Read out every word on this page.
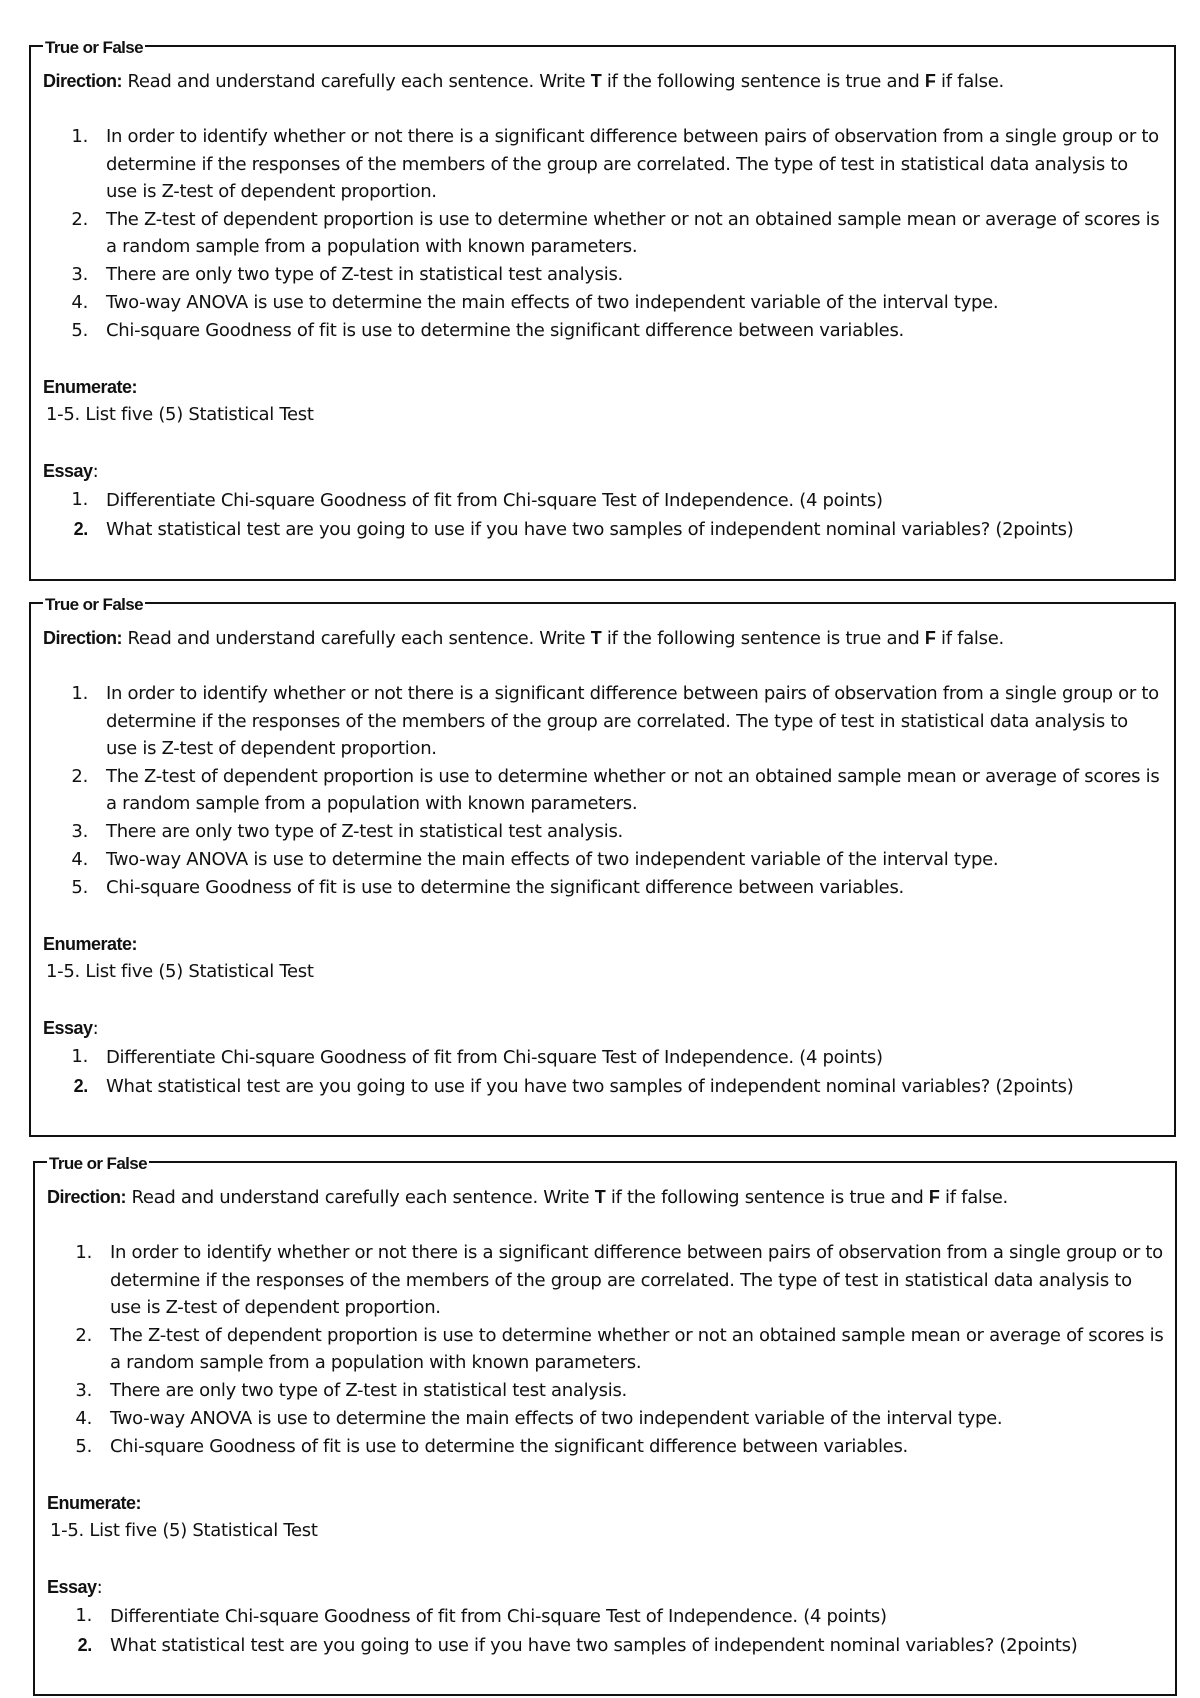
True or False

Direction: Read and understand carefully each sentence. Write T if the following sentence is true and F if false.

1.	In order to identify whether or not there is a significant difference between pairs of observation from a single group or to determine if the responses of the members of the group are correlated. The type of test in statistical data analysis to use is Z-test of dependent proportion.
2.	The Z-test of dependent proportion is use to determine whether or not an obtained sample mean or average of scores is a random sample from a population with known parameters.
3.	There are only two type of Z-test in statistical test analysis.
4.	Two-way ANOVA is use to determine the main effects of two independent variable of the interval type.
5.	Chi-square Goodness of fit is use to determine the significant difference between variables.
Enumerate:

1-5. List five (5) Statistical Test

Essay:
1.	Differentiate Chi-square Goodness of fit from Chi-square Test of Independence. (4 points)
2.	What statistical test are you going to use if you have two samples of independent nominal variables? (2points)
True or False

Direction: Read and understand carefully each sentence. Write T if the following sentence is true and F if false.

1.	In order to identify whether or not there is a significant difference between pairs of observation from a single group or to determine if the responses of the members of the group are correlated. The type of test in statistical data analysis to use is Z-test of dependent proportion.
2.	The Z-test of dependent proportion is use to determine whether or not an obtained sample mean or average of scores is a random sample from a population with known parameters.
3.	There are only two type of Z-test in statistical test analysis.
4.	Two-way ANOVA is use to determine the main effects of two independent variable of the interval type.
5.	Chi-square Goodness of fit is use to determine the significant difference between variables.
Enumerate:

1-5. List five (5) Statistical Test

Essay:
1.	Differentiate Chi-square Goodness of fit from Chi-square Test of Independence. (4 points)
2.	What statistical test are you going to use if you have two samples of independent nominal variables? (2points)
True or False

Direction: Read and understand carefully each sentence. Write T if the following sentence is true and F if false.

1.	In order to identify whether or not there is a significant difference between pairs of observation from a single group or to determine if the responses of the members of the group are correlated. The type of test in statistical data analysis to use is Z-test of dependent proportion.
2.	The Z-test of dependent proportion is use to determine whether or not an obtained sample mean or average of scores is a random sample from a population with known parameters.
3.	There are only two type of Z-test in statistical test analysis.
4.	Two-way ANOVA is use to determine the main effects of two independent variable of the interval type.
5.	Chi-square Goodness of fit is use to determine the significant difference between variables.
Enumerate:

1-5. List five (5) Statistical Test

Essay:
1.	Differentiate Chi-square Goodness of fit from Chi-square Test of Independence. (4 points)
2.	What statistical test are you going to use if you have two samples of independent nominal variables? (2points)
